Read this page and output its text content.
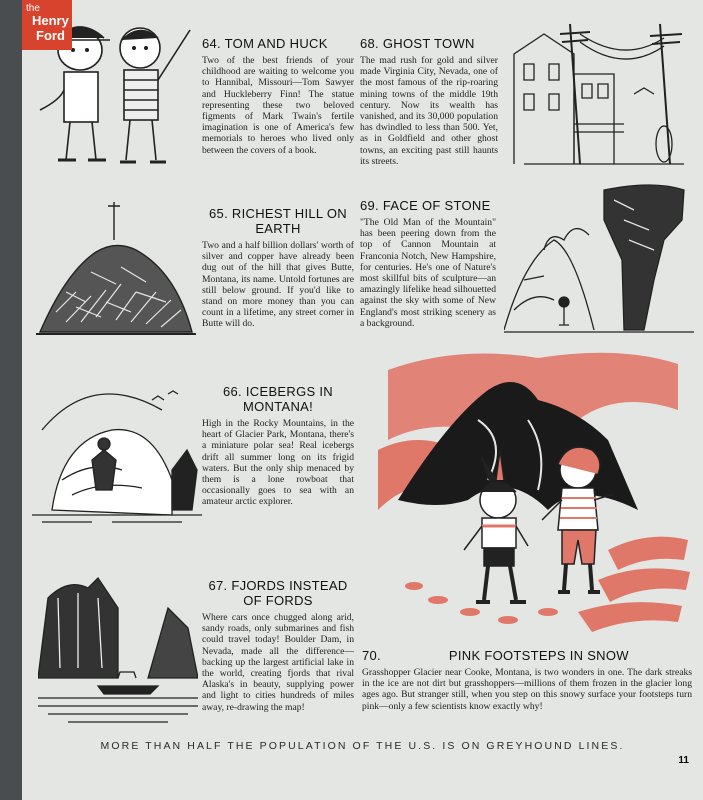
the
Henry
Ford
64. TOM AND HUCK

Two of the best friends of your childhood are waiting to welcome you to Hannibal, Missouri—Tom Sawyer and Huckleberry Finn! The statue representing these two beloved figments of Mark Twain's fertile imagination is one of America's few memorials to heroes who lived only between the covers of a book.

65. RICHEST HILL ON EARTH

Two and a half billion dollars' worth of silver and copper have already been dug out of the hill that gives Butte, Montana, its name. Untold fortunes are still below ground. If you'd like to stand on more money than you can count in a lifetime, any street corner in Butte will do.

66. ICEBERGS IN MONTANA!

High in the Rocky Mountains, in the heart of Glacier Park, Montana, there's a miniature polar sea! Real icebergs drift all summer long on its frigid waters. But the only ship menaced by them is a lone rowboat that occasionally goes to sea with an amateur arctic explorer.

67. FJORDS INSTEAD OF FORDS

Where cars once chugged along arid, sandy roads, only submarines and fish could travel today! Boulder Dam, in Nevada, made all the difference—backing up the largest artificial lake in the world, creating fjords that rival Alaska's in beauty, supplying power and light to cities hundreds of miles away, re-drawing the map!

68. GHOST TOWN

The mad rush for gold and silver made Virginia City, Nevada, one of the most famous of the rip-roaring mining towns of the middle 19th century. Now its wealth has vanished, and its 30,000 population has dwindled to less than 500. Yet, as in Goldfield and other ghost towns, an exciting past still haunts its streets.

69. FACE OF STONE

"The Old Man of the Mountain" has been peering down from the top of Cannon Mountain at Franconia Notch, New Hampshire, for centuries. He's one of Nature's most skillful bits of sculpture—an amazingly lifelike head silhouetted against the sky with some of New England's most striking scenery as a background.

70.	PINK FOOTSTEPS IN SNOW

Grasshopper Glacier near Cooke, Montana, is two wonders in one. The dark streaks in the ice are not dirt but grasshoppers—millions of them frozen in the glacier long ages ago. But stranger still, when you step on this snowy surface your footsteps turn pink—only a few scientists know exactly why!

MORE THAN HALF THE POPULATION OF THE U.S. IS ON GREYHOUND LINES.
11
